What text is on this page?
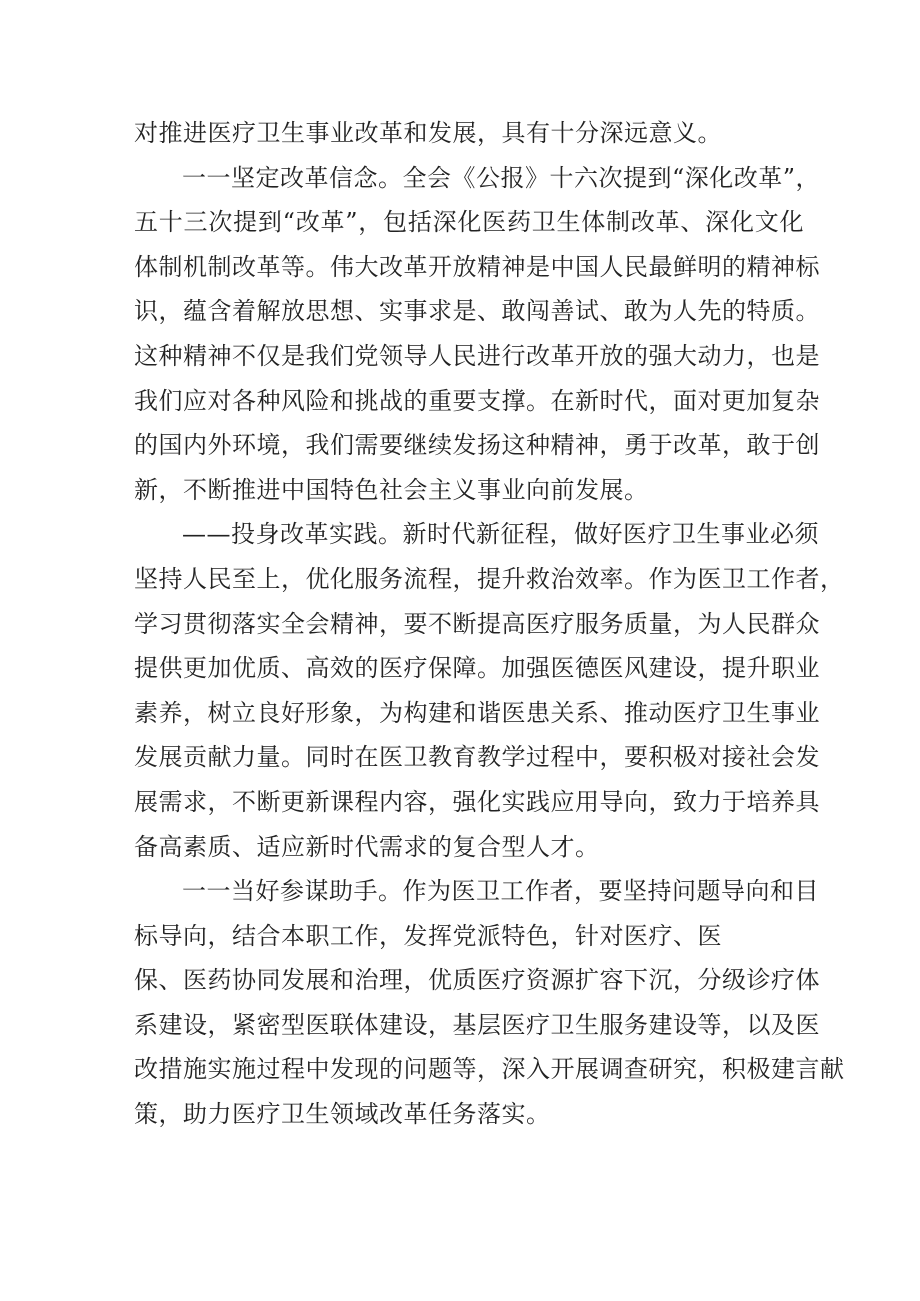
对推进医疗卫生事业改革和发展，具有十分深远意义。
一一坚定改革信念。全会《公报》十六次提到“深化改革”，
五十三次提到“改革”，包括深化医药卫生体制改革、深化文化
体制机制改革等。伟大改革开放精神是中国人民最鲜明的精神标
识，蕴含着解放思想、实事求是、敢闯善试、敢为人先的特质。
这种精神不仅是我们党领导人民进行改革开放的强大动力，也是
我们应对各种风险和挑战的重要支撑。在新时代，面对更加复杂
的国内外环境，我们需要继续发扬这种精神，勇于改革，敢于创
新，不断推进中国特色社会主义事业向前发展。
——投身改革实践。新时代新征程，做好医疗卫生事业必须
坚持人民至上，优化服务流程，提升救治效率。作为医卫工作者，
学习贯彻落实全会精神，要不断提高医疗服务质量，为人民群众
提供更加优质、高效的医疗保障。加强医德医风建设，提升职业
素养，树立良好形象，为构建和谐医患关系、推动医疗卫生事业
发展贡献力量。同时在医卫教育教学过程中，要积极对接社会发
展需求，不断更新课程内容，强化实践应用导向，致力于培养具
备高素质、适应新时代需求的复合型人才。
一一当好参谋助手。作为医卫工作者，要坚持问题导向和目
标导向，结合本职工作，发挥党派特色，针对医疗、医
保、医药协同发展和治理，优质医疗资源扩容下沉，分级诊疗体
系建设，紧密型医联体建设，基层医疗卫生服务建设等，以及医
改措施实施过程中发现的问题等，深入开展调查研究，积极建言献
策，助力医疗卫生领域改革任务落实。
